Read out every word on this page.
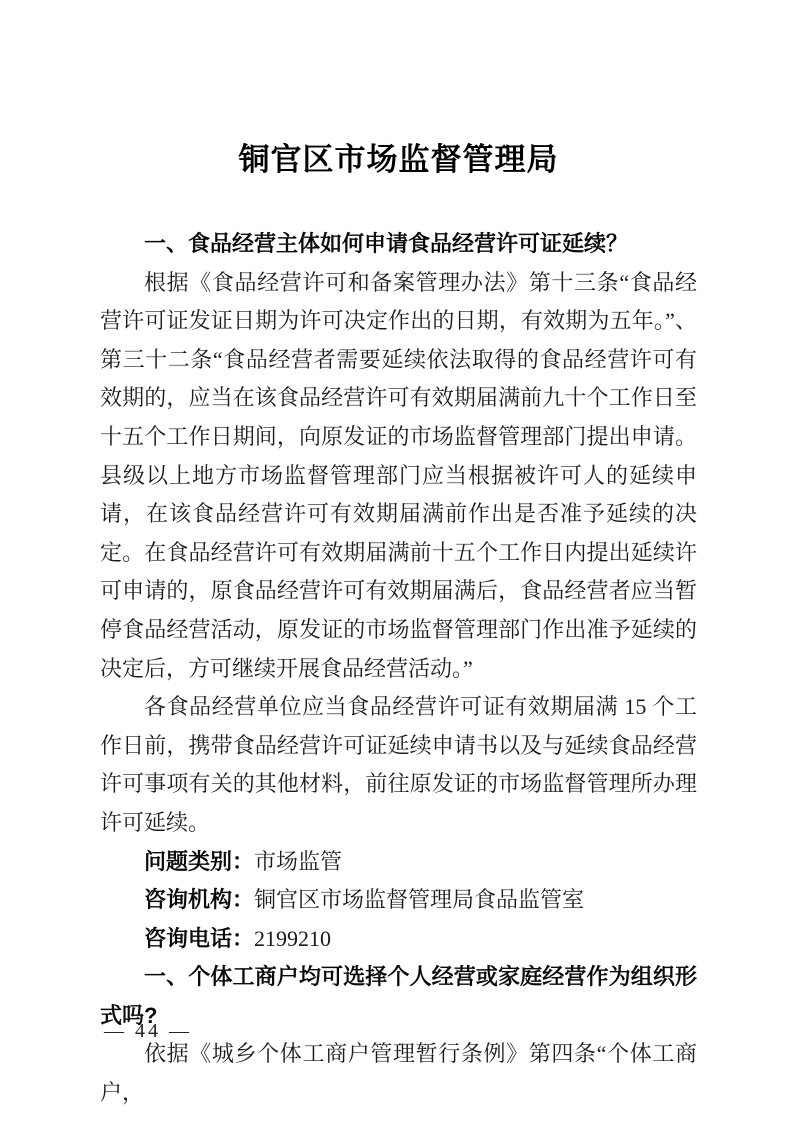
铜官区市场监督管理局
一、食品经营主体如何申请食品经营许可证延续？

根据《食品经营许可和备案管理办法》第十三条“食品经营许可证发证日期为许可决定作出的日期，有效期为五年。”、第三十二条“食品经营者需要延续依法取得的食品经营许可有效期的，应当在该食品经营许可有效期届满前九十个工作日至十五个工作日期间，向原发证的市场监督管理部门提出申请。县级以上地方市场监督管理部门应当根据被许可人的延续申请，在该食品经营许可有效期届满前作出是否准予延续的决定。在食品经营许可有效期届满前十五个工作日内提出延续许可申请的，原食品经营许可有效期届满后，食品经营者应当暂停食品经营活动，原发证的市场监督管理部门作出准予延续的决定后，方可继续开展食品经营活动。”

各食品经营单位应当食品经营许可证有效期届满 15 个工作日前，携带食品经营许可证延续申请书以及与延续食品经营许可事项有关的其他材料，前往原发证的市场监督管理所办理许可延续。

问题类别：市场监管

咨询机构：铜官区市场监督管理局食品监管室

咨询电话：2199210

一、个体工商户均可选择个人经营或家庭经营作为组织形式吗?

依据《城乡个体工商户管理暂行条例》第四条“个体工商户，

— 44 —
